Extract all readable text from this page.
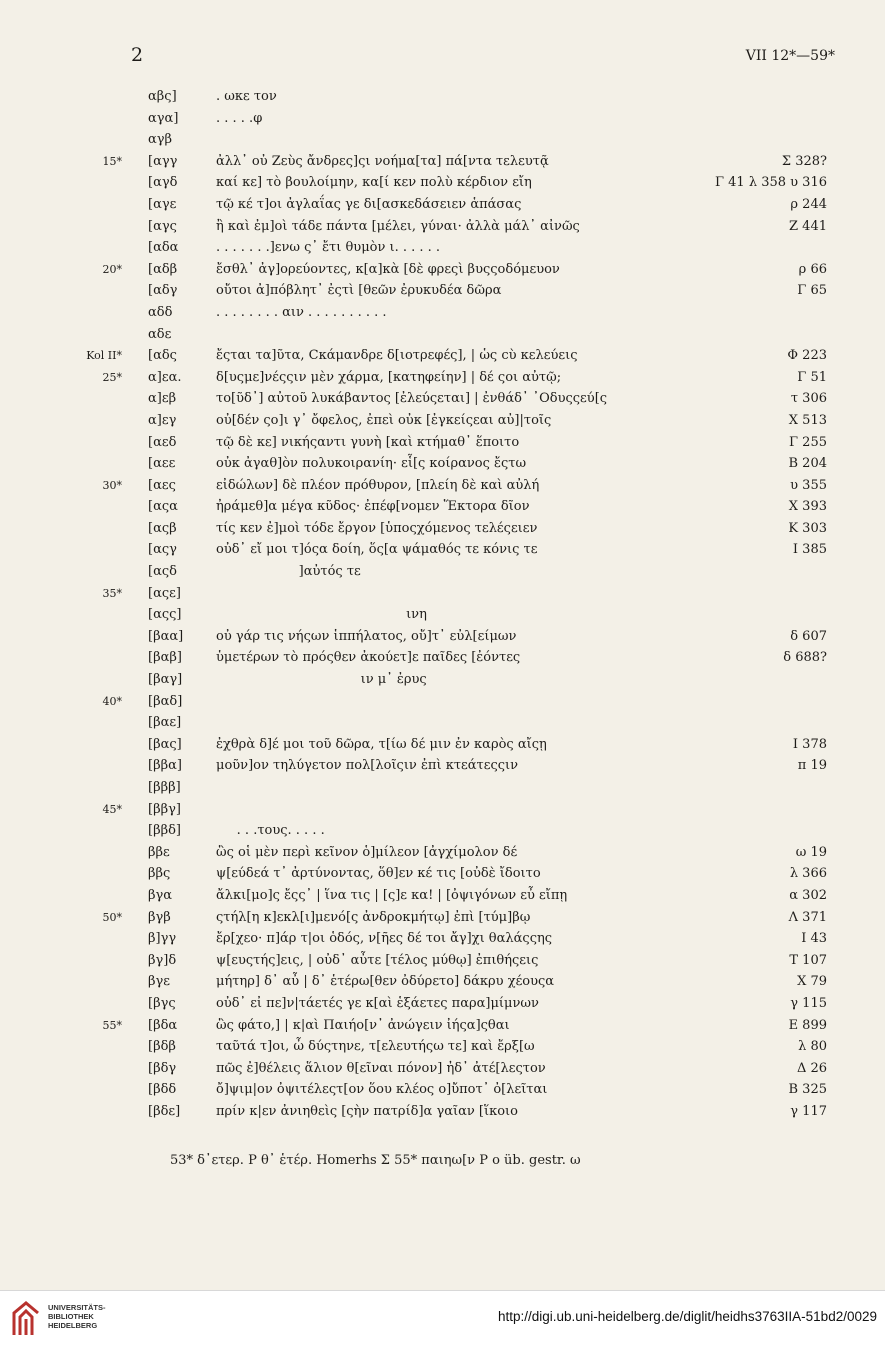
2	VII 12*—59*
αβς]	. ωκε τον
αγα]	. . . . .φ
αγβ
15* [αγγ	ἀλλ᾽ οὐ Ζεὺς ἄνδρες]ςι νοήμα[τα] πά[ντα τελευτᾷ	Σ 328?
[αγδ	καί κε] τὸ βουλοίμην, κα[ί κεν πολὺ κέρδιον εἴη	Γ 41 λ 358 υ 316
[αγε	τῷ κέ τ]οι ἀγλαΐας γε δι[ασκεδάσειεν ἁπάσας	ρ 244
[αγς	ἢ καὶ ἐμ]οὶ τάδε πάντα [μέλει, γύναι· ἀλλὰ μάλ᾽ αἰνῶς	Ζ 441
[αδα	. . . . . . .]ενω ς᾽ ἔτι θυμὸν ι. . . . . .
20* [αδβ	ἔσθλ᾽ ἀγ]ορεύοντες, κ[α]κὰ [δὲ φρεςὶ βυςςοδόμευον	ρ 66
[αδγ	οὔτοι ἀ]πόβλητ᾽ ἐςτὶ [θεῶν ἐρυκυδέα δῶρα	Γ 65
αδδ	. . . . . . . . αιν . . . . . . . . . .
αδε
Kol II* [αδς	ἔςται τα]ῦτα, Cκάμανδρε δ[ιοτρεφές], | ὡς cὺ κελεύεις	Φ 223
25* α]εα.	δ[υςμε]νέςςιν μὲν χάρμα, [κατηφείην] | δέ ςοι αὐτῷ;	Γ 51
α]εβ	το[ῦδ᾽] αὐτοῦ λυκάβαντος [ἐλεύςεται] | ἐνθάδ᾽ ᾿Οδυςςεύ[ς	τ 306
α]εγ	οὐ[δέν ςο]ι γ᾽ ὄφελος, ἐπεὶ οὐκ [ἐγκείςεαι αὐ]|τοῖς	Χ 513
[αεδ	τῷ δὲ κε] νικήςαντι γυνὴ [καὶ κτήμαθ᾽ ἕποιτο	Γ 255
[αεε	οὐκ ἀγαθ]ὸν πολυκοιρανίη· εἷ[ς κοίρανος ἔςτω	Β 204
30* [αες	εἰδώλων] δὲ πλέον πρόθυρον, [πλείη δὲ καὶ αὐλή	υ 355
[αςα	ἠράμεθ]α μέγα κῦδος· ἐπέφ[νομεν Ἕκτορα δῖον	Χ 393
[αςβ	τίς κεν ἐ]μοὶ τόδε ἔργον [ὑποςχόμενος τελέςειεν	Κ 303
[αςγ	οὐδ᾽ εἴ μοι τ]όςα δοίη, ὅς[α ψάμαθός τε κόνις τε	Ι 385
[αςδ	]αὐτός τε
35* [αςε]
[αςς]	ινη
[βαα]	οὐ γάρ τις νήςων ἱππήλατος, οὔ]τ᾽ εὐλ[είμων	δ 607
[βαβ]	ὑμετέρων τὸ πρόςθεν ἀκούετ]ε παῖδες [ἐόντες	δ 688?
[βαγ]	ιν μ᾽ ἐρυς
40* [βαδ]
[βαε]
[βας]	ἐχθρὰ δ]έ μοι τοῦ δῶρα, τ[ίω δέ μιν ἐν καρὸς αἴςῃ	Ι 378
[ββα]	μοῦν]ον τηλύγετον πολ[λοῖςιν ἐπὶ κτεάτεςςιν	π 19
[βββ]
45* [ββγ]
[ββδ]	. . .τους. . . . .
ββε	ὣς οἱ μὲν περὶ κεῖνον ὁ]μίλεον [ἀγχίμολον δέ	ω 19
ββς	ψ[εύδεά τ᾽ ἀρτύνοντας, ὅθ]εν κέ τις [οὐδὲ ἴδοιτο	λ 366
βγα	ἄλκι[μο]ς ἔςς᾽ | ἵνα τις | [ς]ε κα! | [ὀψιγόνων εὖ εἴπῃ	α 302
50* βγβ	ςτήλ[η κ]εκλ[ι]μενό[ς ἀνδροκμήτῳ] ἐπὶ [τύμ]βῳ	Λ 371
β]γγ	ἔρ[χεο· π]άρ τ|οι ὁδός, ν[ῆες δέ τοι ἄγ]χι θαλάςςης	Ι 43
βγ]δ	ψ[ευςτής]εις, | οὐδ᾽ αὖτε [τέλος μύθῳ] ἐπιθήςεις	Τ 107
βγε	μήτηρ] δ᾽ αὖ | δ᾽ ἑτέρω[θεν ὀδύρετο] δάκρυ χέουςα	Χ 79
[βγς	οὐδ᾽ εἰ πε]ν|τάετές γε κ[αὶ ἑξάετες παρα]μίμνων	γ 115
55* [βδα	ὣς φάτο,] | κ|αὶ Παιήο[ν᾽ ἀνώγειν ἰήςα]ςθαι	Ε 899
[βδβ	ταῦτά τ]οι, ὦ δύςτηνε, τ[ελευτήςω τε] καὶ ἔρξ[ω	λ 80
[βδγ	πῶς ἐ]θέλεις ἅλιον θ[εῖναι πόνον] ἠδ᾽ ἀτέ[λεςτον	Δ 26
[βδδ	ὄ]ψιμ|ον ὀψιτέλεςτ[ον ὅου κλέος ο]ὔποτ᾽ ὀ[λεῖται	Β 325
[βδε]	πρίν κ|εν ἀνιηθεὶς [ςὴν πατρίδ]α γαῖαν [ἵκοιο	γ 117
53* δ᾽ετερ. P θ᾽ ἑτέρ. Homerhs Σ 55* παιηω[ν P o üb. gestr. ω
UNIVERSITÄTS-
BIBLIOTHEK
HEIDELBERG
http://digi.ub.uni-heidelberg.de/diglit/heidhs3763IIA-51bd2/0029
